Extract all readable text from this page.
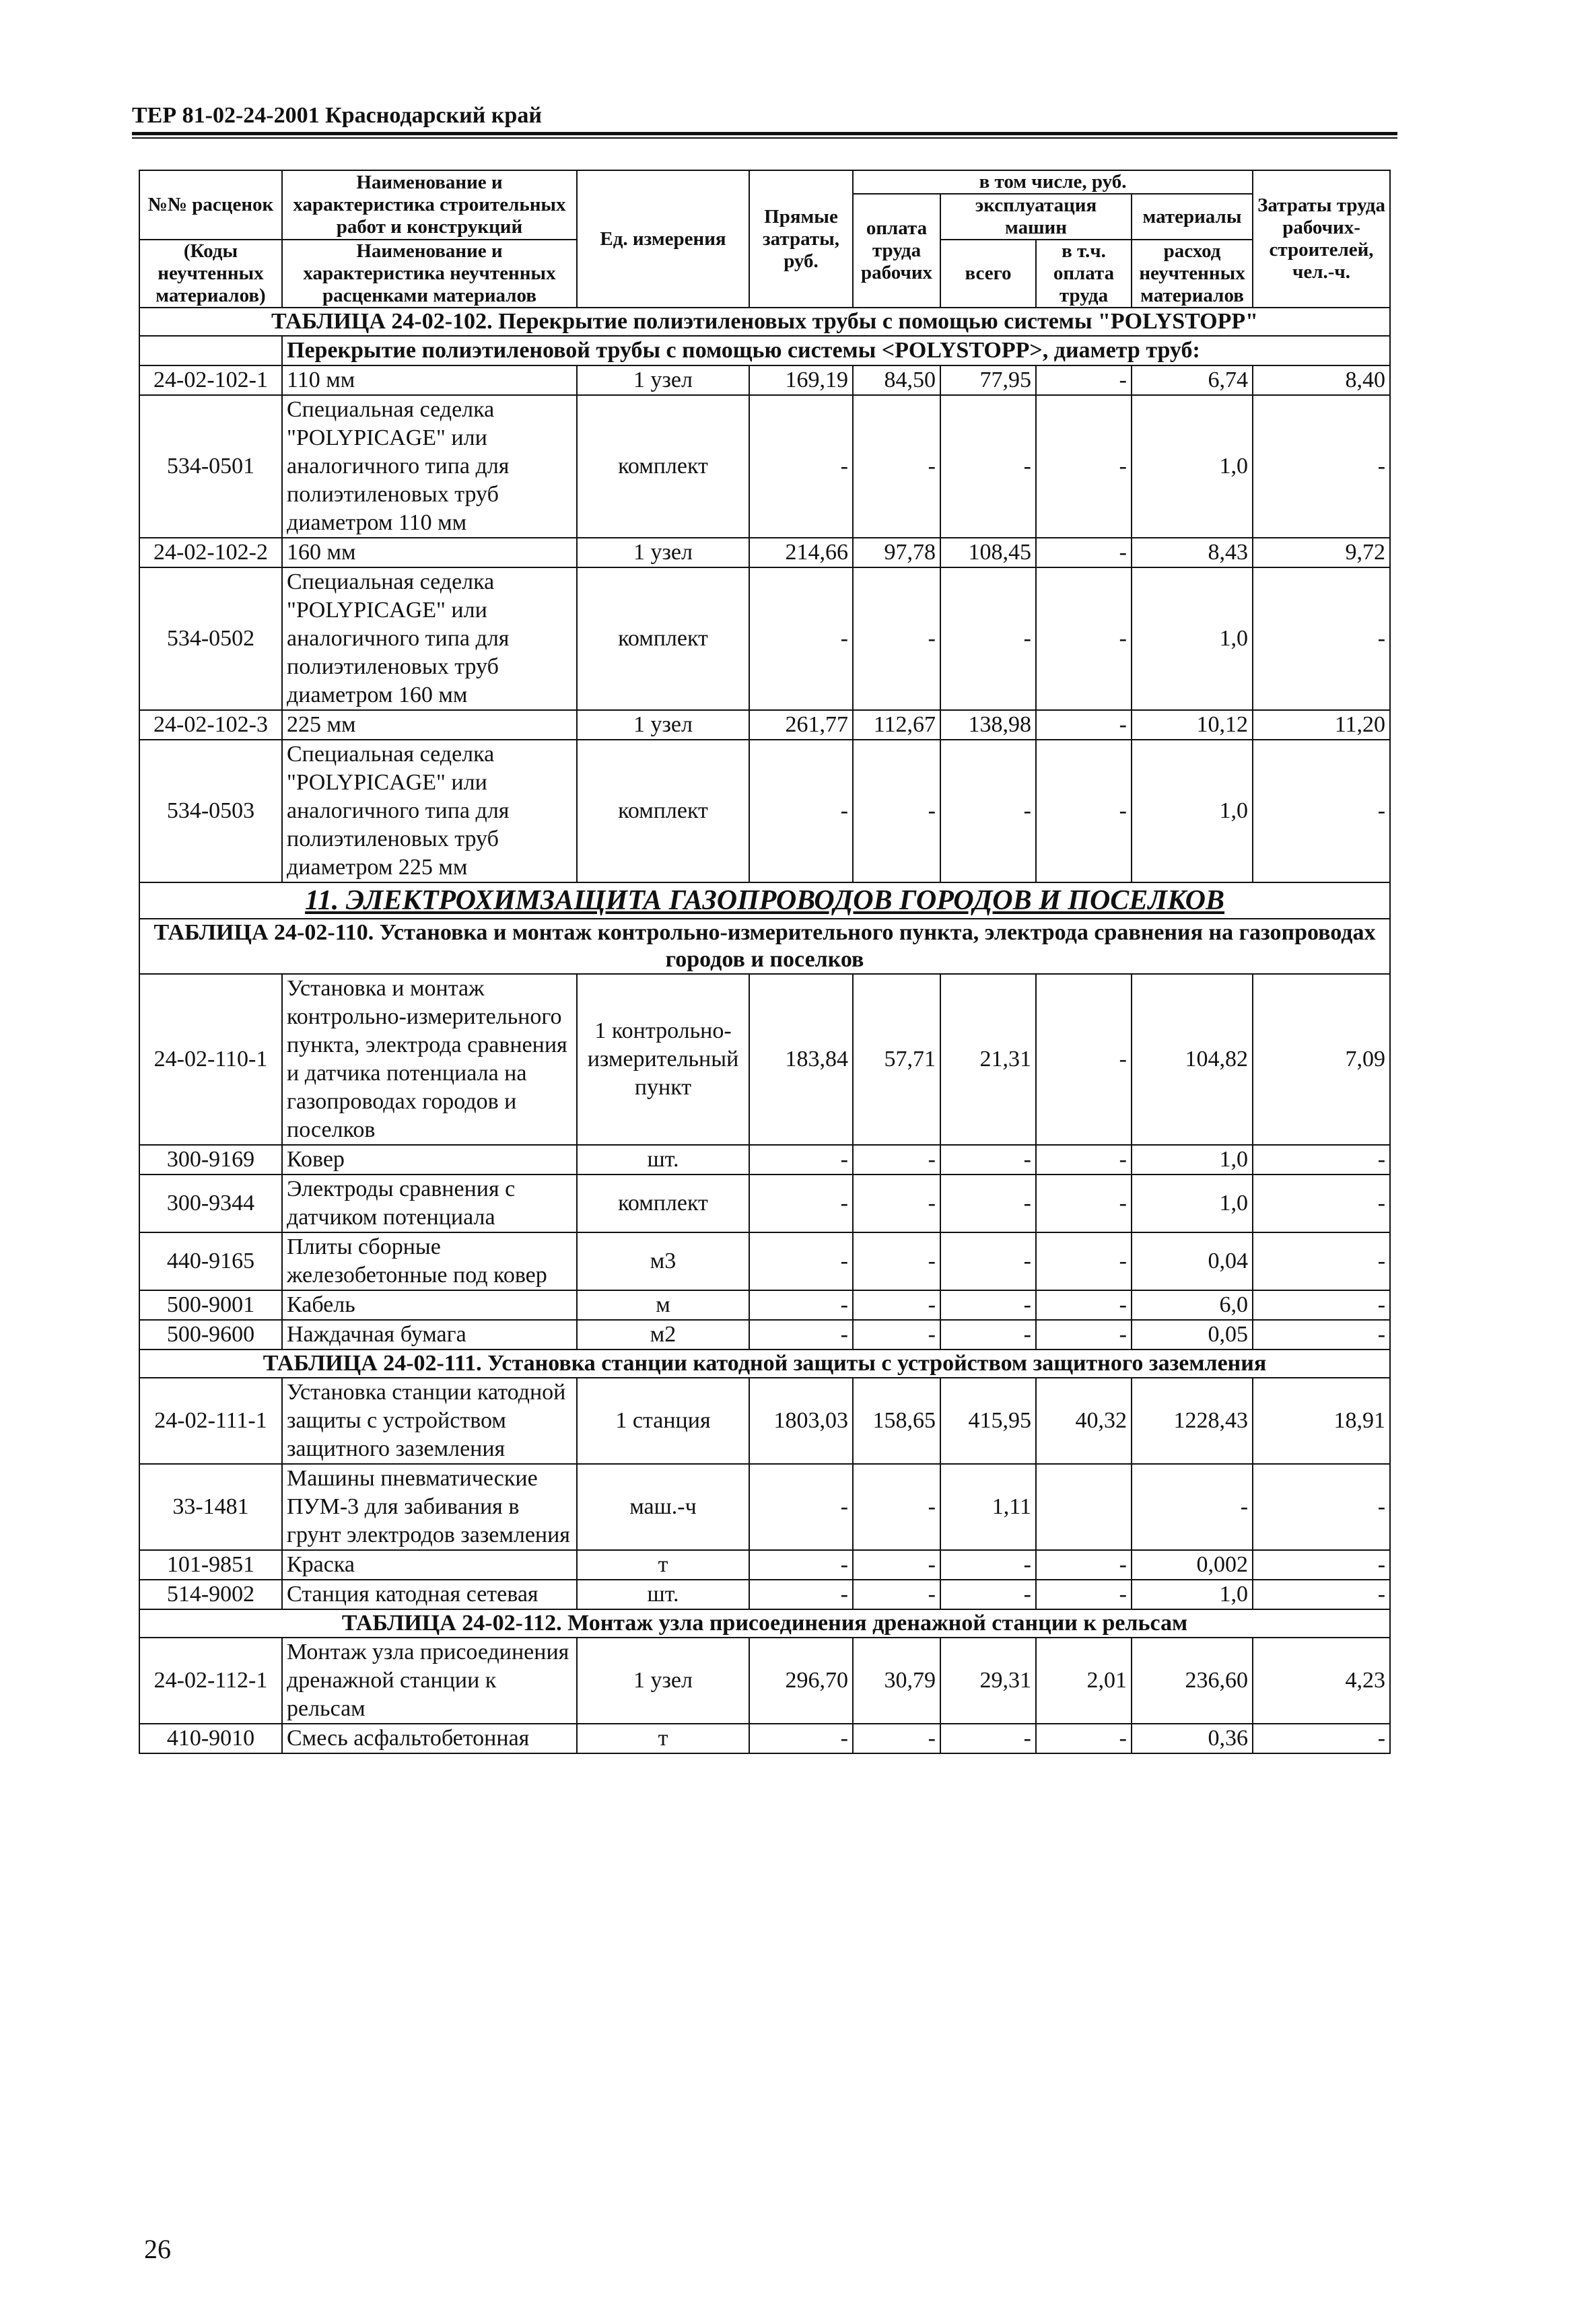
ТЕР 81-02-24-2001 Краснодарский край
№№ расценок	Наименование и характеристика строительных работ и конструкций	Ед. измерения	Прямые затраты, руб.	в том числе, руб.				Затраты труда рабочих-строителей, чел.-ч.
				оплата труда рабочих	эксплуатация машин		материалы	
(Коды неучтенных материалов)	Наименование и характеристика неучтенных расценками материалов				всего	в т.ч. оплата труда	расход неучтенных материалов	

ТАБЛИЦА 24-02-102. Перекрытие полиэтиленовых трубы с помощью системы "POLYSTOPP"								
	Перекрытие полиэтиленовой трубы с помощью системы <POLYSTOPP>, диаметр труб:							
24-02-102-1	110 мм	1 узел	169,19	84,50	77,95	-	6,74	8,40
534-0501	Специальная седелка "POLYPICAGE" или аналогичного типа для полиэтиленовых труб диаметром 110 мм	комплект	-	-	-	-	1,0	-
24-02-102-2	160 мм	1 узел	214,66	97,78	108,45	-	8,43	9,72
534-0502	Специальная седелка "POLYPICAGE" или аналогичного типа для полиэтиленовых труб диаметром 160 мм	комплект	-	-	-	-	1,0	-
24-02-102-3	225 мм	1 узел	261,77	112,67	138,98	-	10,12	11,20
534-0503	Специальная седелка "POLYPICAGE" или аналогичного типа для полиэтиленовых труб диаметром 225 мм	комплект	-	-	-	-	1,0	-
11. ЭЛЕКТРОХИМЗАЩИТА ГАЗОПРОВОДОВ ГОРОДОВ И ПОСЕЛКОВ								
ТАБЛИЦА 24-02-110. Установка и монтаж контрольно-измерительного пункта, электрода сравнения на газопроводах городов и поселков								
24-02-110-1	Установка и монтаж контрольно-измерительного пункта, электрода сравнения и датчика потенциала на газопроводах городов и поселков	1 контрольно-измерительный пункт	183,84	57,71	21,31	-	104,82	7,09
300-9169	Ковер	шт.	-	-	-	-	1,0	-
300-9344	Электроды сравнения с датчиком потенциала	комплект	-	-	-	-	1,0	-
440-9165	Плиты сборные железобетонные под ковер	м3	-	-	-	-	0,04	-
500-9001	Кабель	м	-	-	-	-	6,0	-
500-9600	Наждачная бумага	м2	-	-	-	-	0,05	-
ТАБЛИЦА 24-02-111. Установка станции катодной защиты с устройством защитного заземления								
24-02-111-1	Установка станции катодной защиты с устройством защитного заземления	1 станция	1803,03	158,65	415,95	40,32	1228,43	18,91
33-1481	Машины пневматические ПУМ-3 для забивания в грунт электродов заземления	маш.-ч	-	-	1,11		-	-
101-9851	Краска	т	-	-	-	-	0,002	-
514-9002	Станция катодная сетевая	шт.	-	-	-	-	1,0	-
ТАБЛИЦА 24-02-112. Монтаж узла присоединения дренажной станции к рельсам								
24-02-112-1	Монтаж узла присоединения дренажной станции к рельсам	1 узел	296,70	30,79	29,31	2,01	236,60	4,23
410-9010	Смесь асфальтобетонная	т	-	-	-	-	0,36	-
26
